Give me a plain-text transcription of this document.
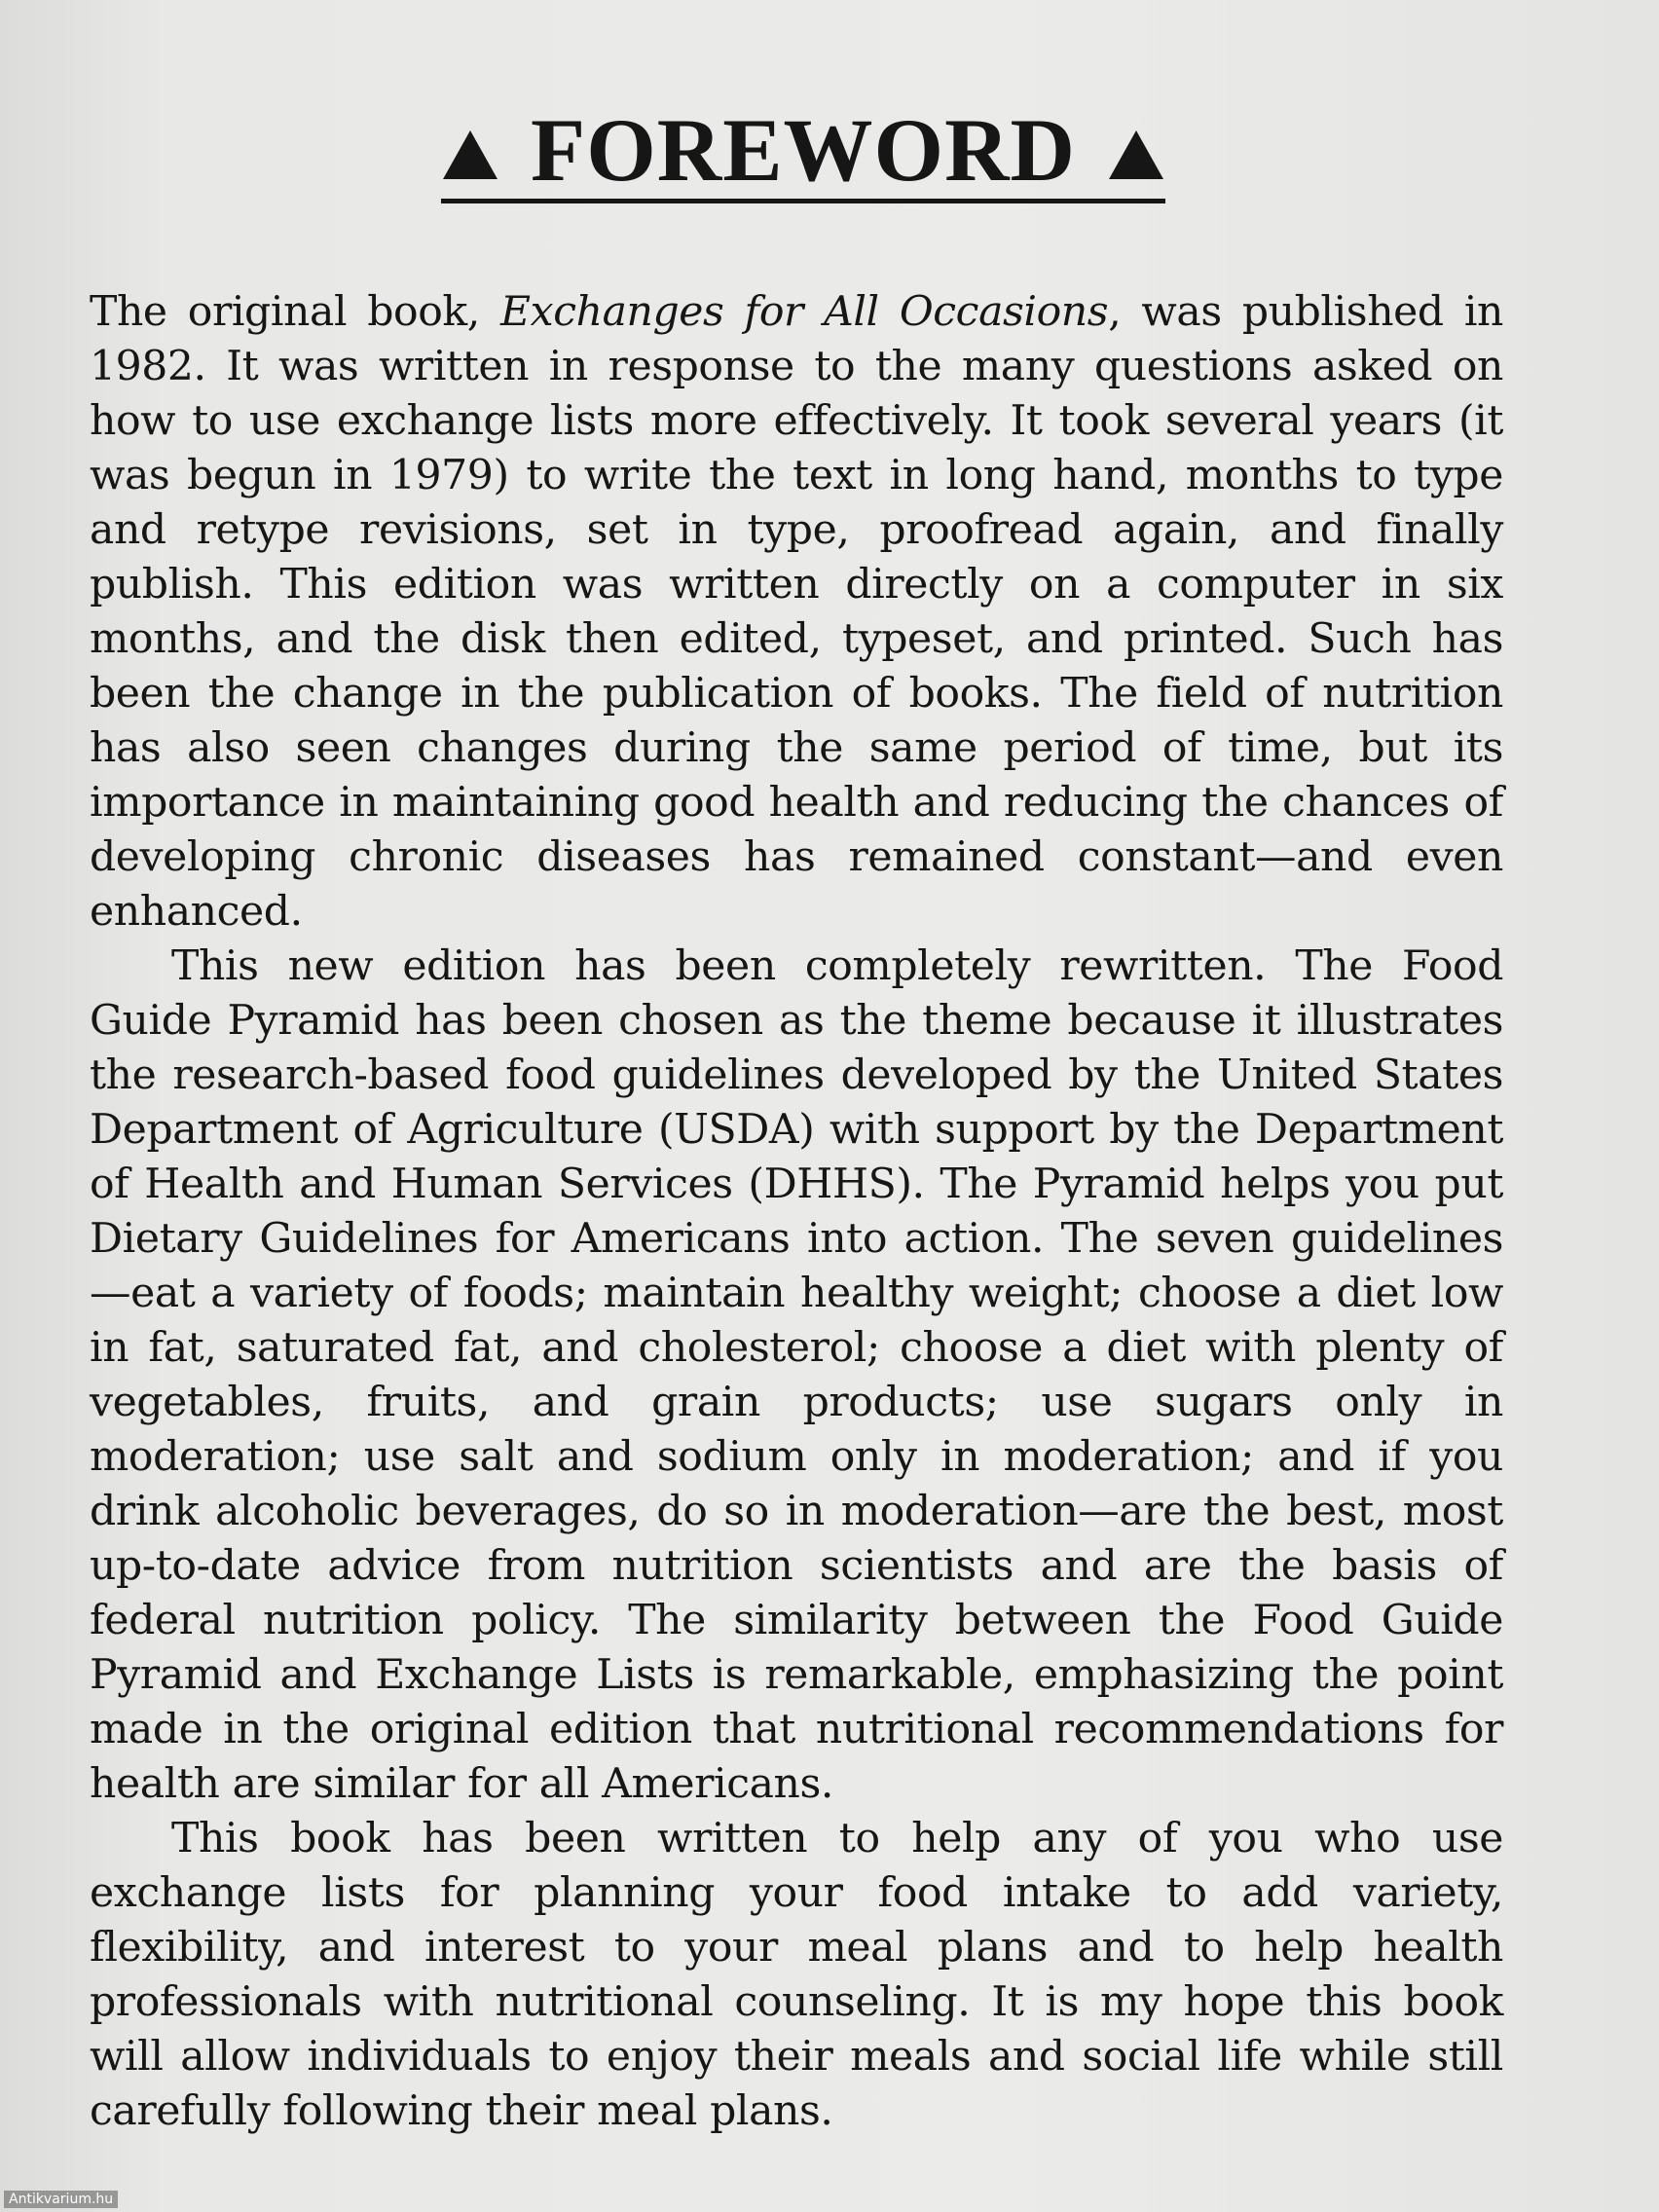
FOREWORD

The original book, Exchanges for All Occasions, was published in 1982. It was written in response to the many questions asked on how to use exchange lists more effectively. It took several years (it was begun in 1979) to write the text in long hand, months to type and retype revisions, set in type, proofread again, and finally publish. This edition was written directly on a computer in six months, and the disk then edited, typeset, and printed. Such has been the change in the publication of books. The field of nutrition has also seen changes during the same period of time, but its importance in maintaining good health and reducing the chances of developing chronic diseases has remained constant—and even enhanced.

This new edition has been completely rewritten. The Food Guide Pyramid has been chosen as the theme because it illustrates the research-based food guidelines developed by the United States Department of Agriculture (USDA) with support by the Department of Health and Human Services (DHHS). The Pyramid helps you put Dietary Guidelines for Americans into action. The seven guidelines—eat a variety of foods; maintain healthy weight; choose a diet low in fat, saturated fat, and cholesterol; choose a diet with plenty of vegetables, fruits, and grain products; use sugars only in moderation; use salt and sodium only in moderation; and if you drink alcoholic beverages, do so in moderation—are the best, most up-to-date advice from nutrition scientists and are the basis of federal nutrition policy. The similarity between the Food Guide Pyramid and Exchange Lists is remarkable, emphasizing the point made in the original edition that nutritional recommendations for health are similar for all Americans.

This book has been written to help any of you who use exchange lists for planning your food intake to add variety, flexibility, and interest to your meal plans and to help health professionals with nutritional counseling. It is my hope this book will allow individuals to enjoy their meals and social life while still carefully following their meal plans.

Antikvarium.hu
